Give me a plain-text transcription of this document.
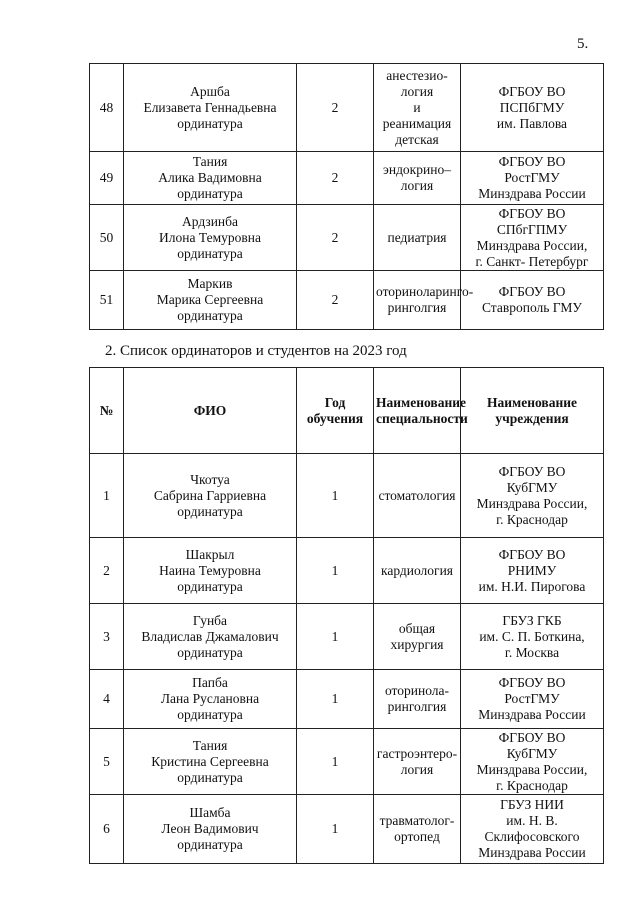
5.
48	Аршба
Елизавета Геннадьевна
ординатура	2	анестезио-
логия
и
реанимация
детская	ФГБОУ ВО
ПСПбГМУ
им. Павлова

49	Тания
Алика Вадимовна
ординатура	2	эндокрино–
логия	ФГБОУ ВО
РостГМУ
Минздрава России

50	Ардзинба
Илона Темуровна
ординатура	2	педиатрия	ФГБОУ ВО
СПбгГПМУ
Минздрава России,
г. Санкт- Петербург

51	Маркив
Марика Сергеевна
ординатура	2	оториноларинго-
ринголгия	ФГБОУ ВО
Ставрополь ГМУ
2. Список ординаторов и студентов на 2023 год
№	ФИО	Год
обучения	Наименование
специальности	Наименование
учреждения

1	Чкотуа
Сабрина Гарриевна
ординатура	1	стоматология	ФГБОУ ВО
КубГМУ
Минздрава России,
г. Краснодар

2	Шакрыл
Наина Темуровна
ординатура	1	кардиология	ФГБОУ ВО
РНИМУ
им. Н.И. Пирогова

3	Гунба
Владислав Джамалович
ординатура	1	общая
хирургия	ГБУЗ ГКБ
им. С. П. Боткина,
г. Москва

4	Папба
Лана Руслановна
ординатура	1	оторинола-
ринголгия	ФГБОУ ВО
РостГМУ
Минздрава России

5	Тания
Кристина Сергеевна
ординатура	1	гастроэнтеро-
логия	ФГБОУ ВО
КубГМУ
Минздрава России,
г. Краснодар

6	Шамба
Леон Вадимович
ординатура	1	травматолог-
ортопед	ГБУЗ НИИ
им. Н. В.
Склифосовского
Минздрава России
